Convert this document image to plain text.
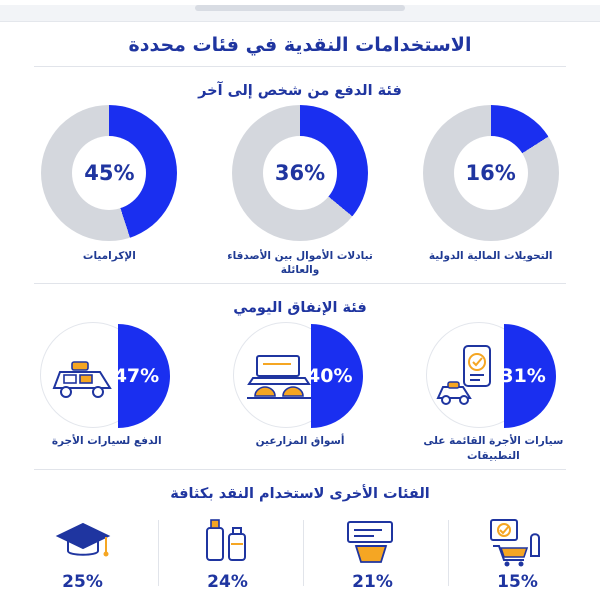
الاستخدامات النقدية في فئات محددة
فئة الدفع من شخص إلى آخر
16%
التحويلات المالية الدولية
36%
تبادلات الأموال بين الأصدقاء والعائلة
45%
الإكراميات
فئة الإنفاق اليومي
31%
سيارات الأجرة القائمة على التطبيقات
40%
أسواق المزارعين
47%
الدفع لسيارات الأجرة
الفئات الأخرى لاستخدام النقد بكثافة
15%
21%
24%
25%
